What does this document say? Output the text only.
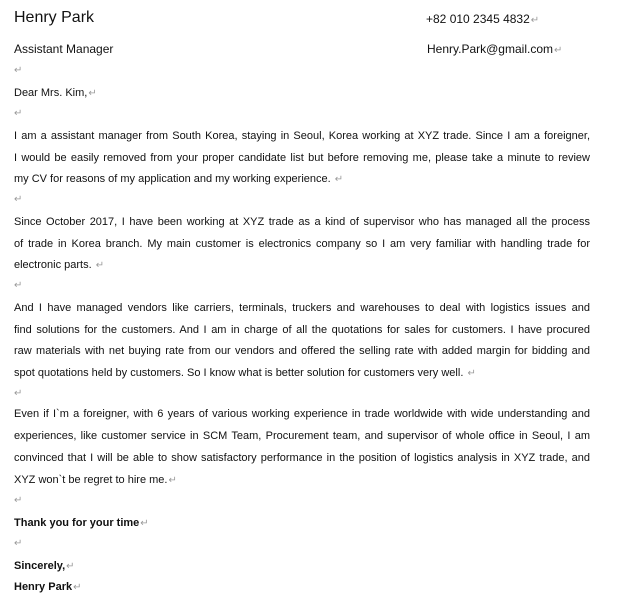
Henry Park	+82 010 2345 4832↵
Assistant Manager	Henry.Park@gmail.com↵
↵
Dear Mrs. Kim,↵
↵
I am a assistant manager from South Korea, staying in Seoul, Korea working at XYZ trade. Since I am a foreigner,
I would be easily removed from your proper candidate list but before removing me, please take a minute to review
my CV for reasons of my application and my working experience. ↵
↵
Since October 2017, I have been working at XYZ trade as a kind of supervisor who has managed all the process
of trade in Korea branch. My main customer is electronics company so I am very familiar with handling trade for
electronic parts. ↵
↵
And I have managed vendors like carriers, terminals, truckers and warehouses to deal with logistics issues and
find solutions for the customers. And I am in charge of all the quotations for sales for customers. I have procured
raw materials with net buying rate from our vendors and offered the selling rate with added margin for bidding and
spot quotations held by customers. So I know what is better solution for customers very well. ↵
↵
Even if I`m a foreigner, with 6 years of various working experience in trade worldwide with wide understanding and
experiences, like customer service in SCM Team, Procurement team, and supervisor of whole office in Seoul, I am
convinced that I will be able to show satisfactory performance in the position of logistics analysis in XYZ trade, and
XYZ won`t be regret to hire me.↵
↵
Thank you for your time↵
↵
Sincerely,↵
Henry Park↵
